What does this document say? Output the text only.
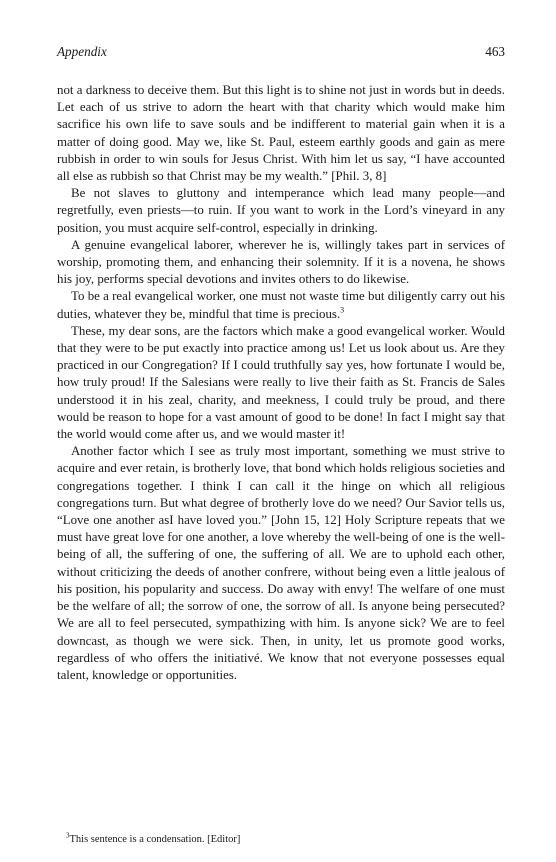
Appendix	463

not a darkness to deceive them. But this light is to shine not just in words but in deeds. Let each of us strive to adorn the heart with that charity which would make him sacrifice his own life to save souls and be indifferent to material gain when it is a matter of doing good. May we, like St. Paul, esteem earthly goods and gain as mere rubbish in order to win souls for Jesus Christ. With him let us say, “I have accounted all else as rubbish so that Christ may be my wealth.” [Phil. 3, 8]

Be not slaves to gluttony and intemperance which lead many people—and regretfully, even priests—to ruin. If you want to work in the Lord’s vineyard in any position, you must acquire self-control, especially in drinking.

A genuine evangelical laborer, wherever he is, willingly takes part in services of worship, promoting them, and enhancing their solemnity. If it is a novena, he shows his joy, performs special devotions and invites others to do likewise.

To be a real evangelical worker, one must not waste time but diligently carry out his duties, whatever they be, mindful that time is precious.$^3$

These, my dear sons, are the factors which make a good evangelical worker. Would that they were to be put exactly into practice among us! Let us look about us. Are they practiced in our Congregation? If I could truthfully say yes, how fortunate I would be, how truly proud! If the Salesians were really to live their faith as St. Francis de Sales understood it in his zeal, charity, and meekness, I could truly be proud, and there would be reason to hope for a vast amount of good to be done! In fact I might say that the world would come after us, and we would master it!

Another factor which I see as truly most important, something we must strive to acquire and ever retain, is brotherly love, that bond which holds religious societies and congregations together. I think I can call it the hinge on which all religious congregations turn. But what degree of brotherly love do we need? Our Savior tells us, “Love one another asI have loved you.” [John 15, 12] Holy Scripture repeats that we must have great love for one another, a love whereby the well-being of one is the well-being of all, the suffering of one, the suffering of all. We are to uphold each other, without criticizing the deeds of another confrere, without being even a little jealous of his position, his popularity and success. Do away with envy! The welfare of one must be the welfare of all; the sorrow of one, the sorrow of all. Is anyone being persecuted? We are all to feel persecuted, sympathizing with him. Is anyone sick? We are to feel downcast, as though we were sick. Then, in unity, let us promote good works, regardless of who offers the initiativé. We know that not everyone possesses equal talent, knowledge or opportunities.

$^3$This sentence is a condensation. [Editor]
